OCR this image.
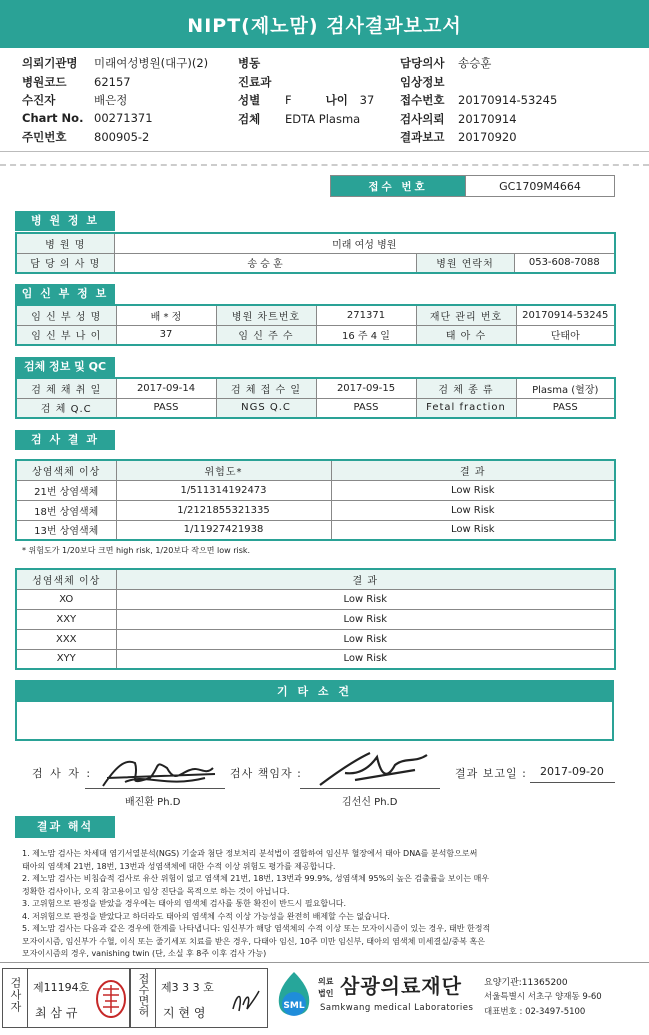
NIPT(제노맘) 검사결과보고서
의뢰기관명 미래여성병원(대구)(2)
병원코드 62157
수진자	배은정
Chart No. 00271371
주민번호 800905-2
병동
진료과
성별 F	나이 37
검체 EDTA Plasma
담당의사 송승훈
임상정보
접수번호 20170914-53245
검사의뢰 20170914
결과보고 20170920
접수 번호	GC1709M4664
병 원 정 보
병 원 명	미래 여성 병원		
담 당 의 사 명	송 승 훈	병원 연락처	053-608-7088
임 신 부 정 보
임 신 부 성 명	배 * 정	병원 차트번호	271371	재단 관리 번호	20170914-53245
임 신 부 나 이	37	임 신 주 수	16 주 4 일	태 아 수	단태아
검체 정보 및 QC
검 체 채 취 일	2017-09-14	검 체 접 수 일	2017-09-15	검 체 종 류	Plasma (혈장)
검 체 Q.C	PASS	NGS Q.C	PASS	Fetal fraction	PASS
검 사 결 과
상염색체 이상	위험도*	결 과
21번 상염색체	1/511314192473	Low Risk
18번 상염색체	1/2121855321335	Low Risk
13번 상염색체	1/11927421938	Low Risk
* 위험도가 1/20보다 크면 high risk, 1/20보다 작으면 low risk.
성염색체 이상	결 과
XO	Low Risk
XXY	Low Risk
XXX	Low Risk
XYY	Low Risk
기 타 소 견
검 사 자 :
배진환 Ph.D
검사 책임자 :
김선신 Ph.D
결과 보고일 : 2017-09-20
결과 해석
1. 제노맘 검사는 차세대 염기서열분석(NGS) 기술과 첨단 정보처리 분석법이 결합하여 임신부 혈장에서 태아 DNA를 분석함으로써
태아의 염색체 21번, 18번, 13번과 성염색체에 대한 수적 이상 위험도 평가를 제공합니다.
2. 제노맘 검사는 비침습적 검사로 유산 위험이 없고 염색체 21번, 18번, 13번과 99.9%, 성염색체 95%의 높은 검출률을 보이는 매우
정확한 검사이나, 오직 참고용이고 임상 진단을 목적으로 하는 것이 아닙니다.
3. 고위험으로 판정을 받았을 경우에는 태아의 염색체 검사를 통한 확진이 반드시 필요합니다.
4. 저위험으로 판정을 받았다고 하더라도 태아의 염색체 수적 이상 가능성을 완전히 배제할 수는 없습니다.
5. 제노맘 검사는 다음과 같은 경우에 한계를 나타냅니다: 임신부가 해당 염색체의 수적 이상 또는 모자이시즘이 있는 경우, 태반 한정적
모자이시즘, 임신부가 수혈, 이식 또는 줄기세포 치료를 받은 경우, 다태아 임신, 10주 미만 임신부, 태아의 염색체 미세결실/중복 혹은
모자이시즘의 경우, vanishing twin (단, 소실 후 8주 이후 검사 가능)
검사자 제11194호
최 삼 규	접수면허 제3 3 3 호
지 현 영	SML
의료
법인 삼광의료재단
Samkwang medical Laboratories
요양기관:11365200
서울특별시 서초구 양재동 9-60
대표번호 : 02-3497-5100
